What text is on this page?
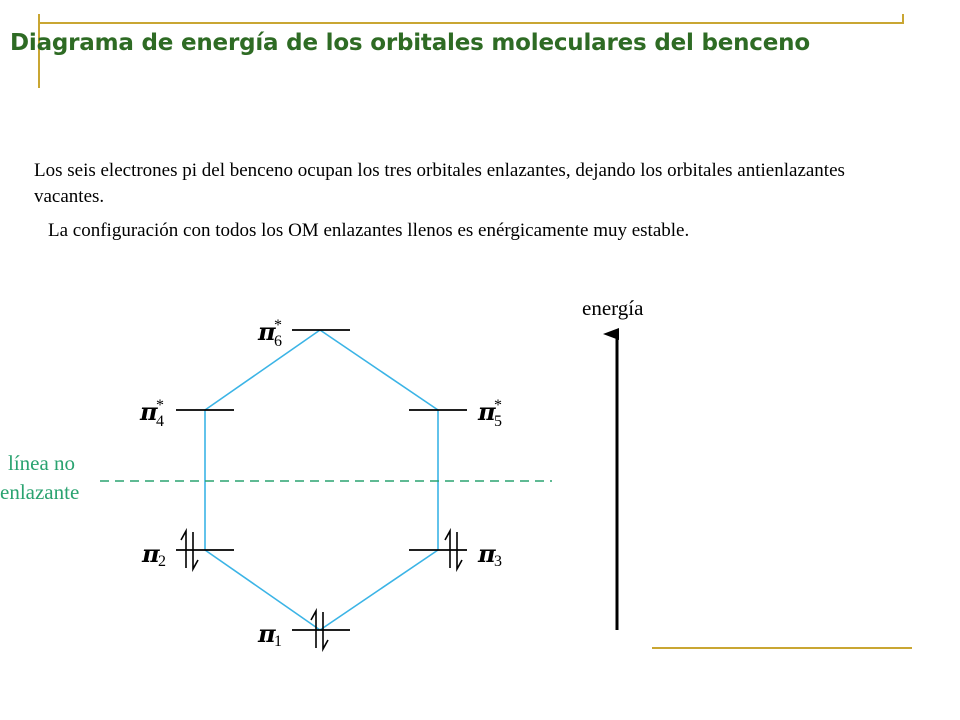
Diagrama de energía de los orbitales moleculares del benceno

Los seis electrones pi del benceno ocupan los tres orbitales enlazantes, dejando los orbitales antienlazantes vacantes.

La configuración con todos los OM enlazantes llenos es enérgicamente muy estable.

línea no enlazante
π* 6
π* 4	π* 5
π2	π3
π1
energía
